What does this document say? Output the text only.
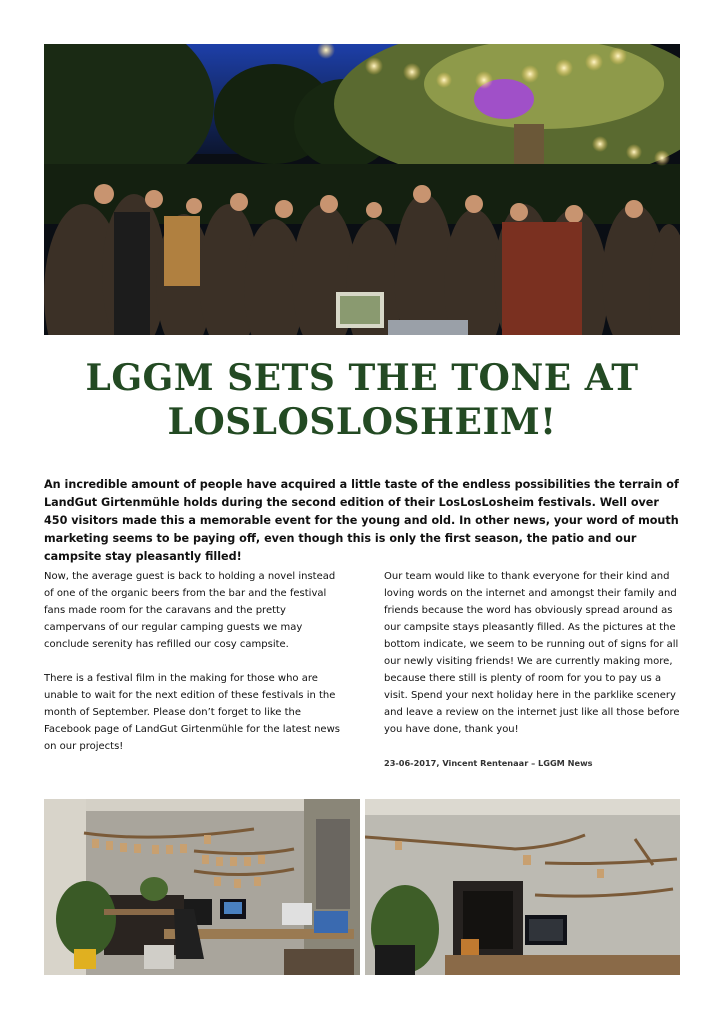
LGGM SETS THE TONE AT LOSLOSLOSHEIM!

An incredible amount of people have acquired a little taste of the endless possibilities the terrain of LandGut Girtenmühle holds during the second edition of their LosLosLosheim festivals. Well over 450 visitors made this a memorable event for the young and old. In other news, your word of mouth marketing seems to be paying off, even though this is only the first season, the patio and our campsite stay pleasantly filled!

Now, the average guest is back to holding a novel instead of one of the organic beers from the bar and the festival fans made room for the caravans and the pretty campervans of our regular camping guests we may conclude serenity has refilled our cosy campsite.

There is a festival film in the making for those who are unable to wait for the next edition of these festivals in the month of September. Please don’t forget to like the Facebook page of LandGut Girtenmühle for the latest news on our projects!

Our team would like to thank everyone for their kind and loving words on the internet and amongst their family and friends because the word has obviously spread around as our campsite stays pleasantly filled. As the pictures at the bottom indicate, we seem to be running out of signs for all our newly visiting friends! We are currently making more, because there still is plenty of room for you to pay us a visit. Spend your next holiday here in the parklike scenery and leave a review on the internet just like all those before you have done, thank you!

23-06-2017, Vincent Rentenaar – LGGM News
